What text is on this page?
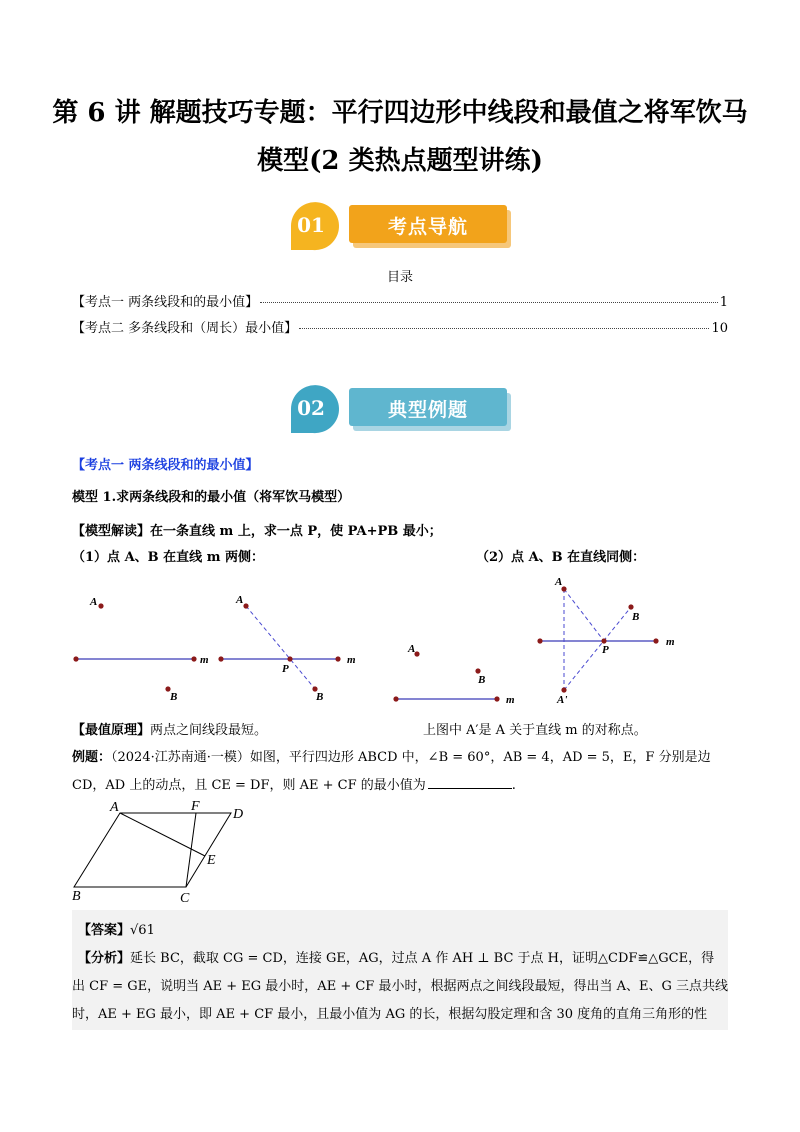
第 6 讲 解题技巧专题：平行四边形中线段和最值之将军饮马
模型(2 类热点题型讲练)
01	考点导航
目录
【考点一 两条线段和的最小值】	1
【考点二 多条线段和（周长）最小值】	10
02	典型例题
【考点一 两条线段和的最小值】
模型 1.求两条线段和的最小值（将军饮马模型）
【模型解读】在一条直线 m 上，求一点 P，使 PA+PB 最小；
（1）点 A、B 在直线 m 两侧：	（2）点 A、B 在直线同侧：
m
A
B
m
A
P
B	m
A
B
m
A
B
P
A'
【最值原理】两点之间线段最短。	上图中 A′是 A 关于直线 m 的对称点。
例题：（2024·江苏南通·一模）如图，平行四边形 ABCD 中，∠B = 60°，AB = 4，AD = 5，E，F 分别是边
CD，AD 上的动点，且 CE = DF，则 AE + CF 的最小值为	.
A	F
D
E
B	C
【答案】√61
【分析】延长 BC，截取 CG = CD，连接 GE，AG，过点 A 作 AH ⊥ BC 于点 H，证明△CDF≌△GCE，得
出 CF = GE，说明当 AE + EG 最小时，AE + CF 最小时，根据两点之间线段最短，得出当 A、E、G 三点共线
时，AE + EG 最小，即 AE + CF 最小，且最小值为 AG 的长，根据勾股定理和含 30 度角的直角三角形的性
